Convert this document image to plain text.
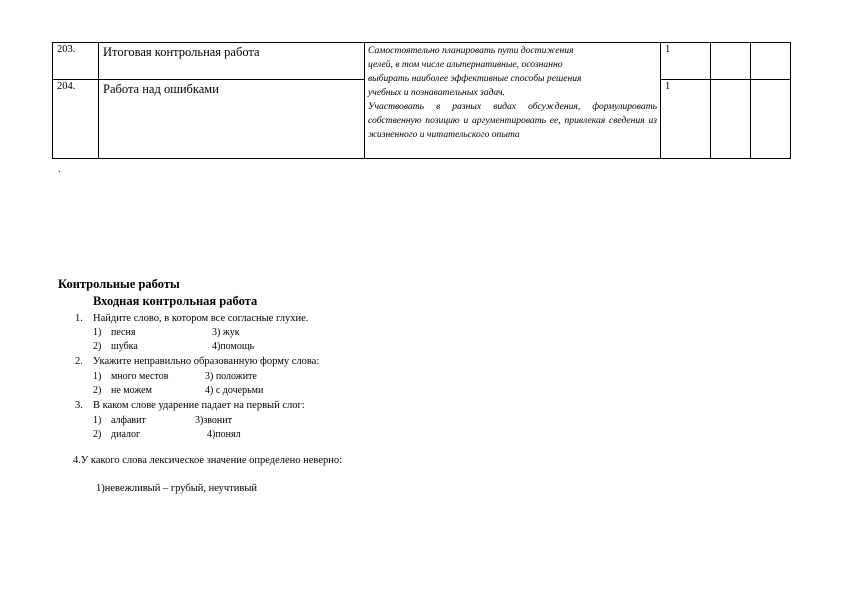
203.	Итоговая контрольная работа	Самостоятельно планировать пути достижения
целей, в том числе альтернативные, осознанно
выбирать наиболее эффективные способы решения
учебных и познавательных задач.
Участвовать в разных видах обсуждения, формулировать собственную позицию и аргументировать ее, привлекая сведения из жизненного и читательского опыта	1		
204.	Работа над ошибками		1		
.
Контрольные работы
Входная контрольная работа
1. Найдите слово, в котором все согласные глухие.
1) песня	3) жук
2) шубка	4)помощь
2. Укажите неправильно образованную форму слова:
1) много местов	3) положите
2) не можем	4) с дочерьми
3. В каком слове ударение падает на первый слог:
1) алфавит	3)звонит
2) диалог	4)понял
4.У какого слова лексическое значение определено неверно:
1)невежливый – грубый, неучтивый
